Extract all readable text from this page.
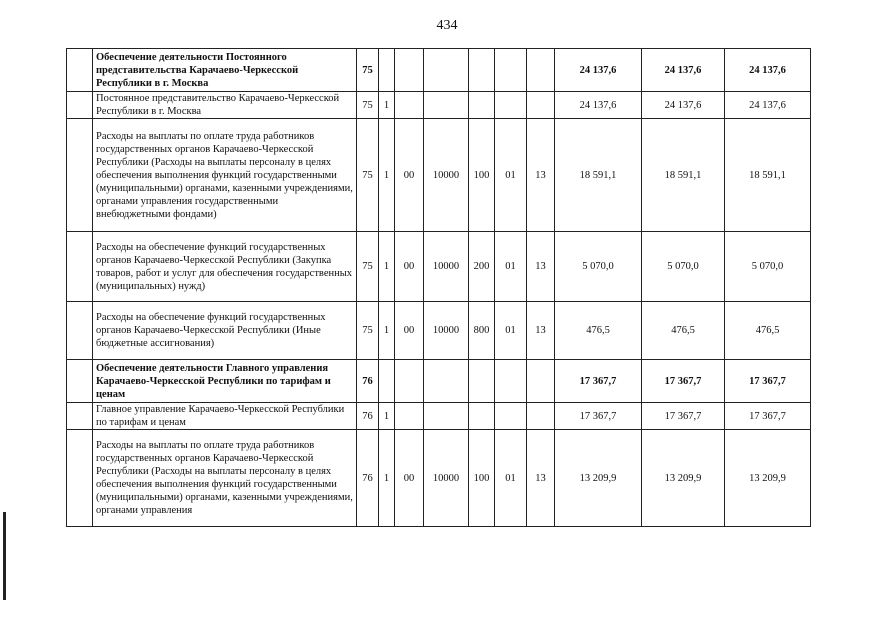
434
	Обеспечение деятельности Постоянного представительства Карачаево-Черкесской Республики в г. Москва	75							24 137,6	24 137,6	24 137,6
	Постоянное представительство Карачаево-Черкесской Республики в г. Москва	75	1						24 137,6	24 137,6	24 137,6
	Расходы на выплаты по оплате труда работников государственных органов Карачаево-Черкесской Республики (Расходы на выплаты персоналу в целях обеспечения выполнения функций государственными (муниципальными) органами, казенными учреждениями, органами управления государственными внебюджетными фондами)	75	1	00	10000	100	01	13	18 591,1	18 591,1	18 591,1
	Расходы на обеспечение функций государственных органов Карачаево-Черкесской Республики (Закупка товаров, работ и услуг для обеспечения государственных (муниципальных) нужд)	75	1	00	10000	200	01	13	5 070,0	5 070,0	5 070,0
	Расходы на обеспечение функций государственных органов Карачаево-Черкесской Республики (Иные бюджетные ассигнования)	75	1	00	10000	800	01	13	476,5	476,5	476,5
	Обеспечение деятельности Главного управления Карачаево-Черкесской Республики по тарифам и ценам	76							17 367,7	17 367,7	17 367,7
	Главное управление Карачаево-Черкесской Республики по тарифам и ценам	76	1						17 367,7	17 367,7	17 367,7
	Расходы на выплаты по оплате труда работников государственных органов Карачаево-Черкесской Республики (Расходы на выплаты персоналу в целях обеспечения выполнения функций государственными (муниципальными) органами, казенными учреждениями, органами управления	76	1	00	10000	100	01	13	13 209,9	13 209,9	13 209,9
